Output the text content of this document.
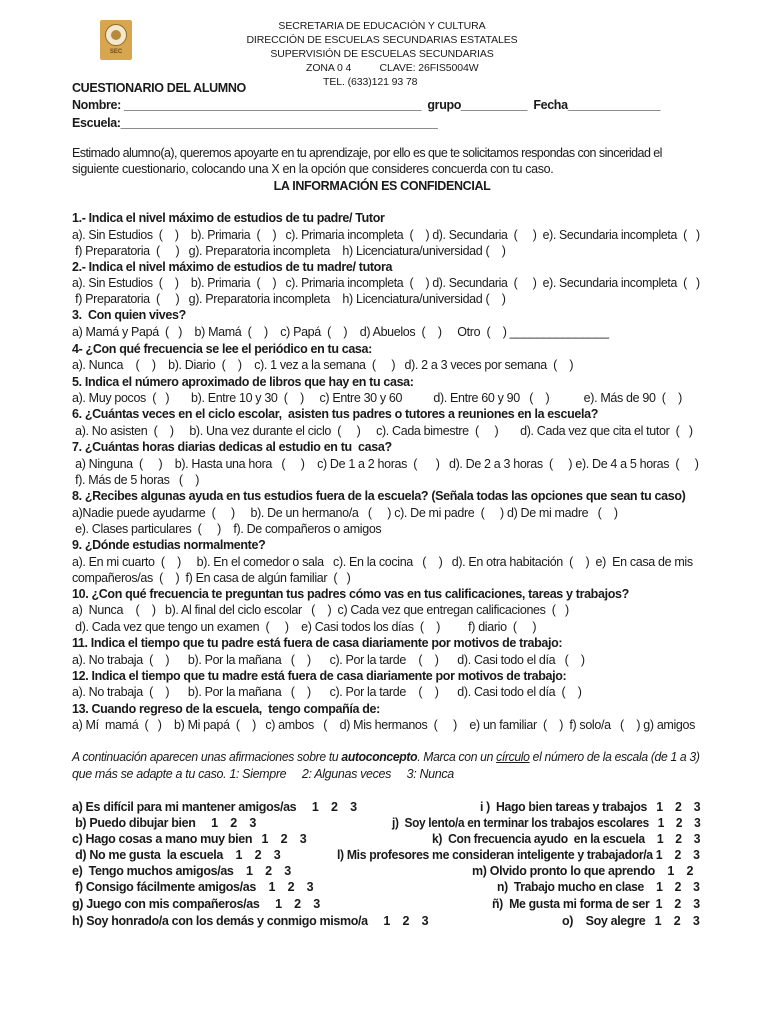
SEC
SECRETARIA DE EDUCACIÓN Y CULTURA
DIRECCIÓN DE ESCUELAS SECUNDARIAS ESTATALES
SUPERVISIÓN DE ESCUELAS SECUNDARIAS
ZONA 0 4          CLAVE: 26FIS5004W
TEL. (633)121 93 78
CUESTIONARIO DEL ALUMNO
Nombre: _____________________________________________  grupo__________  Fecha______________
Escuela:________________________________________________
Estimado alumno(a), queremos apoyarte en tu aprendizaje, por ello es que te solicitamos respondas con sinceridad el
siguiente cuestionario, colocando una X en la opción que consideres concuerda con tu caso.
LA INFORMACIÓN ES CONFIDENCIAL
1.- Indica el nivel máximo de estudios de tu padre/ Tutor
a). Sin Estudios  (    )    b). Primaria  (    )   c). Primaria incompleta  (    ) d). Secundaria  (     )  e). Secundaria incompleta  (   )
f) Preparatoria  (     )   g). Preparatoria incompleta    h) Licenciatura/universidad (    )
2.- Indica el nivel máximo de estudios de tu madre/ tutora
a). Sin Estudios  (    )    b). Primaria  (    )   c). Primaria incompleta  (    ) d). Secundaria  (     )  e). Secundaria incompleta  (   )
f) Preparatoria  (     )   g). Preparatoria incompleta    h) Licenciatura/universidad (    )
3.  Con quien vives?
a) Mamá y Papá  (   )    b) Mamá  (    )    c) Papá  (    )    d) Abuelos  (    )     Otro  (    ) _______________
4- ¿Con qué frecuencia se lee el periódico en tu casa:
a). Nunca    (    )    b). Diario  (    )    c). 1 vez a la semana  (     )   d). 2 a 3 veces por semana  (    )
5. Indica el número aproximado de libros que hay en tu casa:
a). Muy pocos  (   )       b). Entre 10 y 30  (    )     c) Entre 30 y 60          d). Entre 60 y 90   (    )           e). Más de 90  (    )
6. ¿Cuántas veces en el ciclo escolar,  asisten tus padres o tutores a reuniones en la escuela?
a). No asisten  (    )     b). Una vez durante el ciclo  (     )     c). Cada bimestre  (     )       d). Cada vez que cita el tutor  (   )
7. ¿Cuántas horas diarias dedicas al estudio en tu  casa?
a) Ninguna  (     )    b). Hasta una hora   (     )    c) De 1 a 2 horas  (      )   d). De 2 a 3 horas  (     ) e). De 4 a 5 horas  (     )
f). Más de 5 horas   (    )
8. ¿Recibes algunas ayuda en tus estudios fuera de la escuela? (Señala todas las opciones que sean tu caso)
a)Nadie puede ayudarme  (     )     b). De un hermano/a   (     ) c). De mi padre  (     ) d) De mi madre   (    )
e). Clases particulares  (     )    f). De compañeros o amigos
9. ¿Dónde estudias normalmente?
a). En mi cuarto  (    )     b). En el comedor o sala   c). En la cocina   (    )   d). En otra habitación  (    )  e)  En casa de mis
compañeros/as  (    )  f) En casa de algún familiar  (   )
10. ¿Con qué frecuencia te preguntan tus padres cómo vas en tus calificaciones, tareas y trabajos?
a)  Nunca    (    )   b). Al final del ciclo escolar   (    )  c) Cada vez que entregan calificaciones  (   )
d). Cada vez que tengo un examen  (     )    e) Casi todos los días  (    )         f) diario  (     )
11. Indica el tiempo que tu padre está fuera de casa diariamente por motivos de trabajo:
a). No trabaja  (    )      b). Por la mañana   (    )      c). Por la tarde    (    )      d). Casi todo el día   (    )
12. Indica el tiempo que tu madre está fuera de casa diariamente por motivos de trabajo:
a). No trabaja  (    )      b). Por la mañana   (    )      c). Por la tarde    (    )      d). Casi todo el día  (    )
13. Cuando regreso de la escuela,  tengo compañía de:
a) Mí  mamá  (   )    b) Mi papá  (    )   c) ambos   (    d) Mis hermanos  (     )    e) un familiar  (    )  f) solo/a   (    ) g) amigos
A continuación aparecen unas afirmaciones sobre tu autoconcepto. Marca con un círculo el número de la escala (de 1 a 3)
que más se adapte a tu caso. 1: Siempre     2: Algunas veces     3: Nunca
a) Es difícil para mi mantener amigos/as     1    2    3	i )  Hago bien tareas y trabajos   1    2    3
b) Puedo dibujar bien     1    2    3	j)  Soy lento/a en terminar los trabajos escolares   1    2    3
c) Hago cosas a mano muy bien   1    2    3	k)  Con frecuencia ayudo  en la escuela    1    2    3
d) No me gusta  la escuela    1    2    3	l) Mis profesores me consideran inteligente y trabajador/a 1    2    3
e)  Tengo muchos amigos/as    1    2    3	m) Olvido pronto lo que aprendo    1    2
f) Consigo fácilmente amigos/as    1    2    3	n)  Trabajo mucho en clase    1    2    3
g) Juego con mis compañeros/as     1    2    3	ñ)  Me gusta mi forma de ser  1    2    3
h) Soy honrado/a con los demás y conmigo mismo/a     1    2    3	o)    Soy alegre   1    2    3
